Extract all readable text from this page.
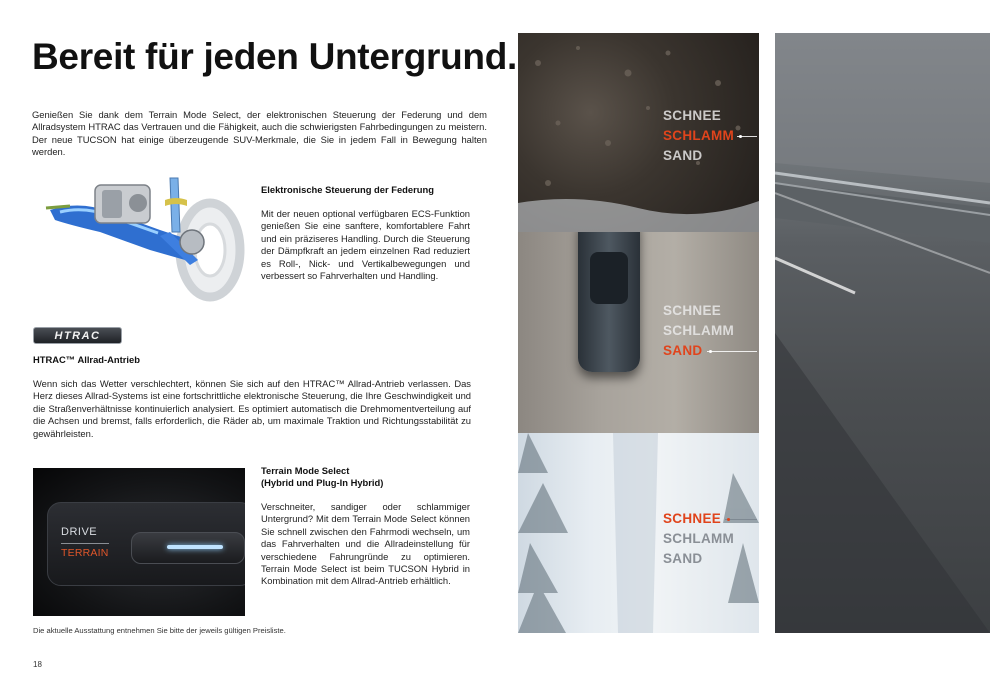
Bereit für jeden Untergrund.

Genießen Sie dank dem Terrain Mode Select, der elektronischen Steuerung der Federung und dem Allradsystem HTRAC das Vertrauen und die Fähigkeit, auch die schwierigsten Fahrbedingungen zu meistern. Der neue TUCSON hat einige überzeugende SUV-Merkmale, die Sie in jedem Fall in Bewegung halten werden.

Elektronische Steuerung der Federung

Mit der neuen optional verfügbaren ECS-Funktion genießen Sie eine sanftere, komfortablere Fahrt und ein präziseres Handling. Durch die Steuerung der Dämpfkraft an jedem einzelnen Rad reduziert es Roll-, Nick- und Vertikalbewegungen und verbessert so Fahrverhalten und Handling.

HTRAC

HTRAC™ Allrad-Antrieb

Wenn sich das Wetter verschlechtert, können Sie sich auf den HTRAC™ Allrad-Antrieb verlassen. Das Herz dieses Allrad-Systems ist eine fortschrittliche elektronische Steuerung, die Ihre Geschwindigkeit und die Straßenverhältnisse kontinuierlich analysiert. Es optimiert automatisch die Drehmomentverteilung auf die Achsen und bremst, falls erforderlich, die Räder ab, um maximale Traktion und Richtungsstabilität zu gewährleisten.

DRIVE
TERRAIN

Terrain Mode Select

(Hybrid und Plug-In Hybrid)

Verschneiter, sandiger oder schlammiger Untergrund? Mit dem Terrain Mode Select können Sie schnell zwischen den Fahrmodi wechseln, um das Fahrverhalten und die Allradeinstellung für verschiedene Fahrungründe zu optimieren. Terrain Mode Select ist beim TUCSON Hybrid in Kombination mit dem Allrad-Antrieb erhältlich.

Die aktuelle Ausstattung entnehmen Sie bitte der jeweils gültigen Preisliste.
18
SCHNEE
SCHLAMM
SAND
SCHNEE
SCHLAMM
SAND
SCHNEE
SCHLAMM
SAND
